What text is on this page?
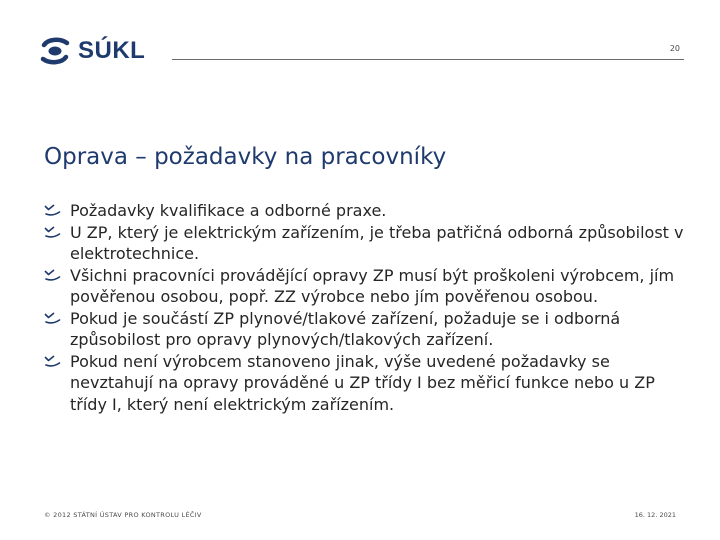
SÚKL	20
Oprava – požadavky na pracovníky
Požadavky kvalifikace a odborné praxe.
U ZP, který je elektrickým zařízením, je třeba patřičná odborná způsobilost v elektrotechnice.
Všichni pracovníci provádějící opravy ZP musí být proškoleni výrobcem, jím pověřenou osobou, popř. ZZ výrobce nebo jím pověřenou osobou.
Pokud je součástí ZP plynové/tlakové zařízení, požaduje se i odborná způsobilost pro opravy plynových/tlakových zařízení.
Pokud není výrobcem stanoveno jinak, výše uvedené požadavky se nevztahují na opravy prováděné u ZP třídy I bez měřicí funkce nebo u ZP třídy I, který není elektrickým zařízením.
© 2012 STÁTNÍ ÚSTAV PRO KONTROLU LÉČIV	16. 12. 2021
